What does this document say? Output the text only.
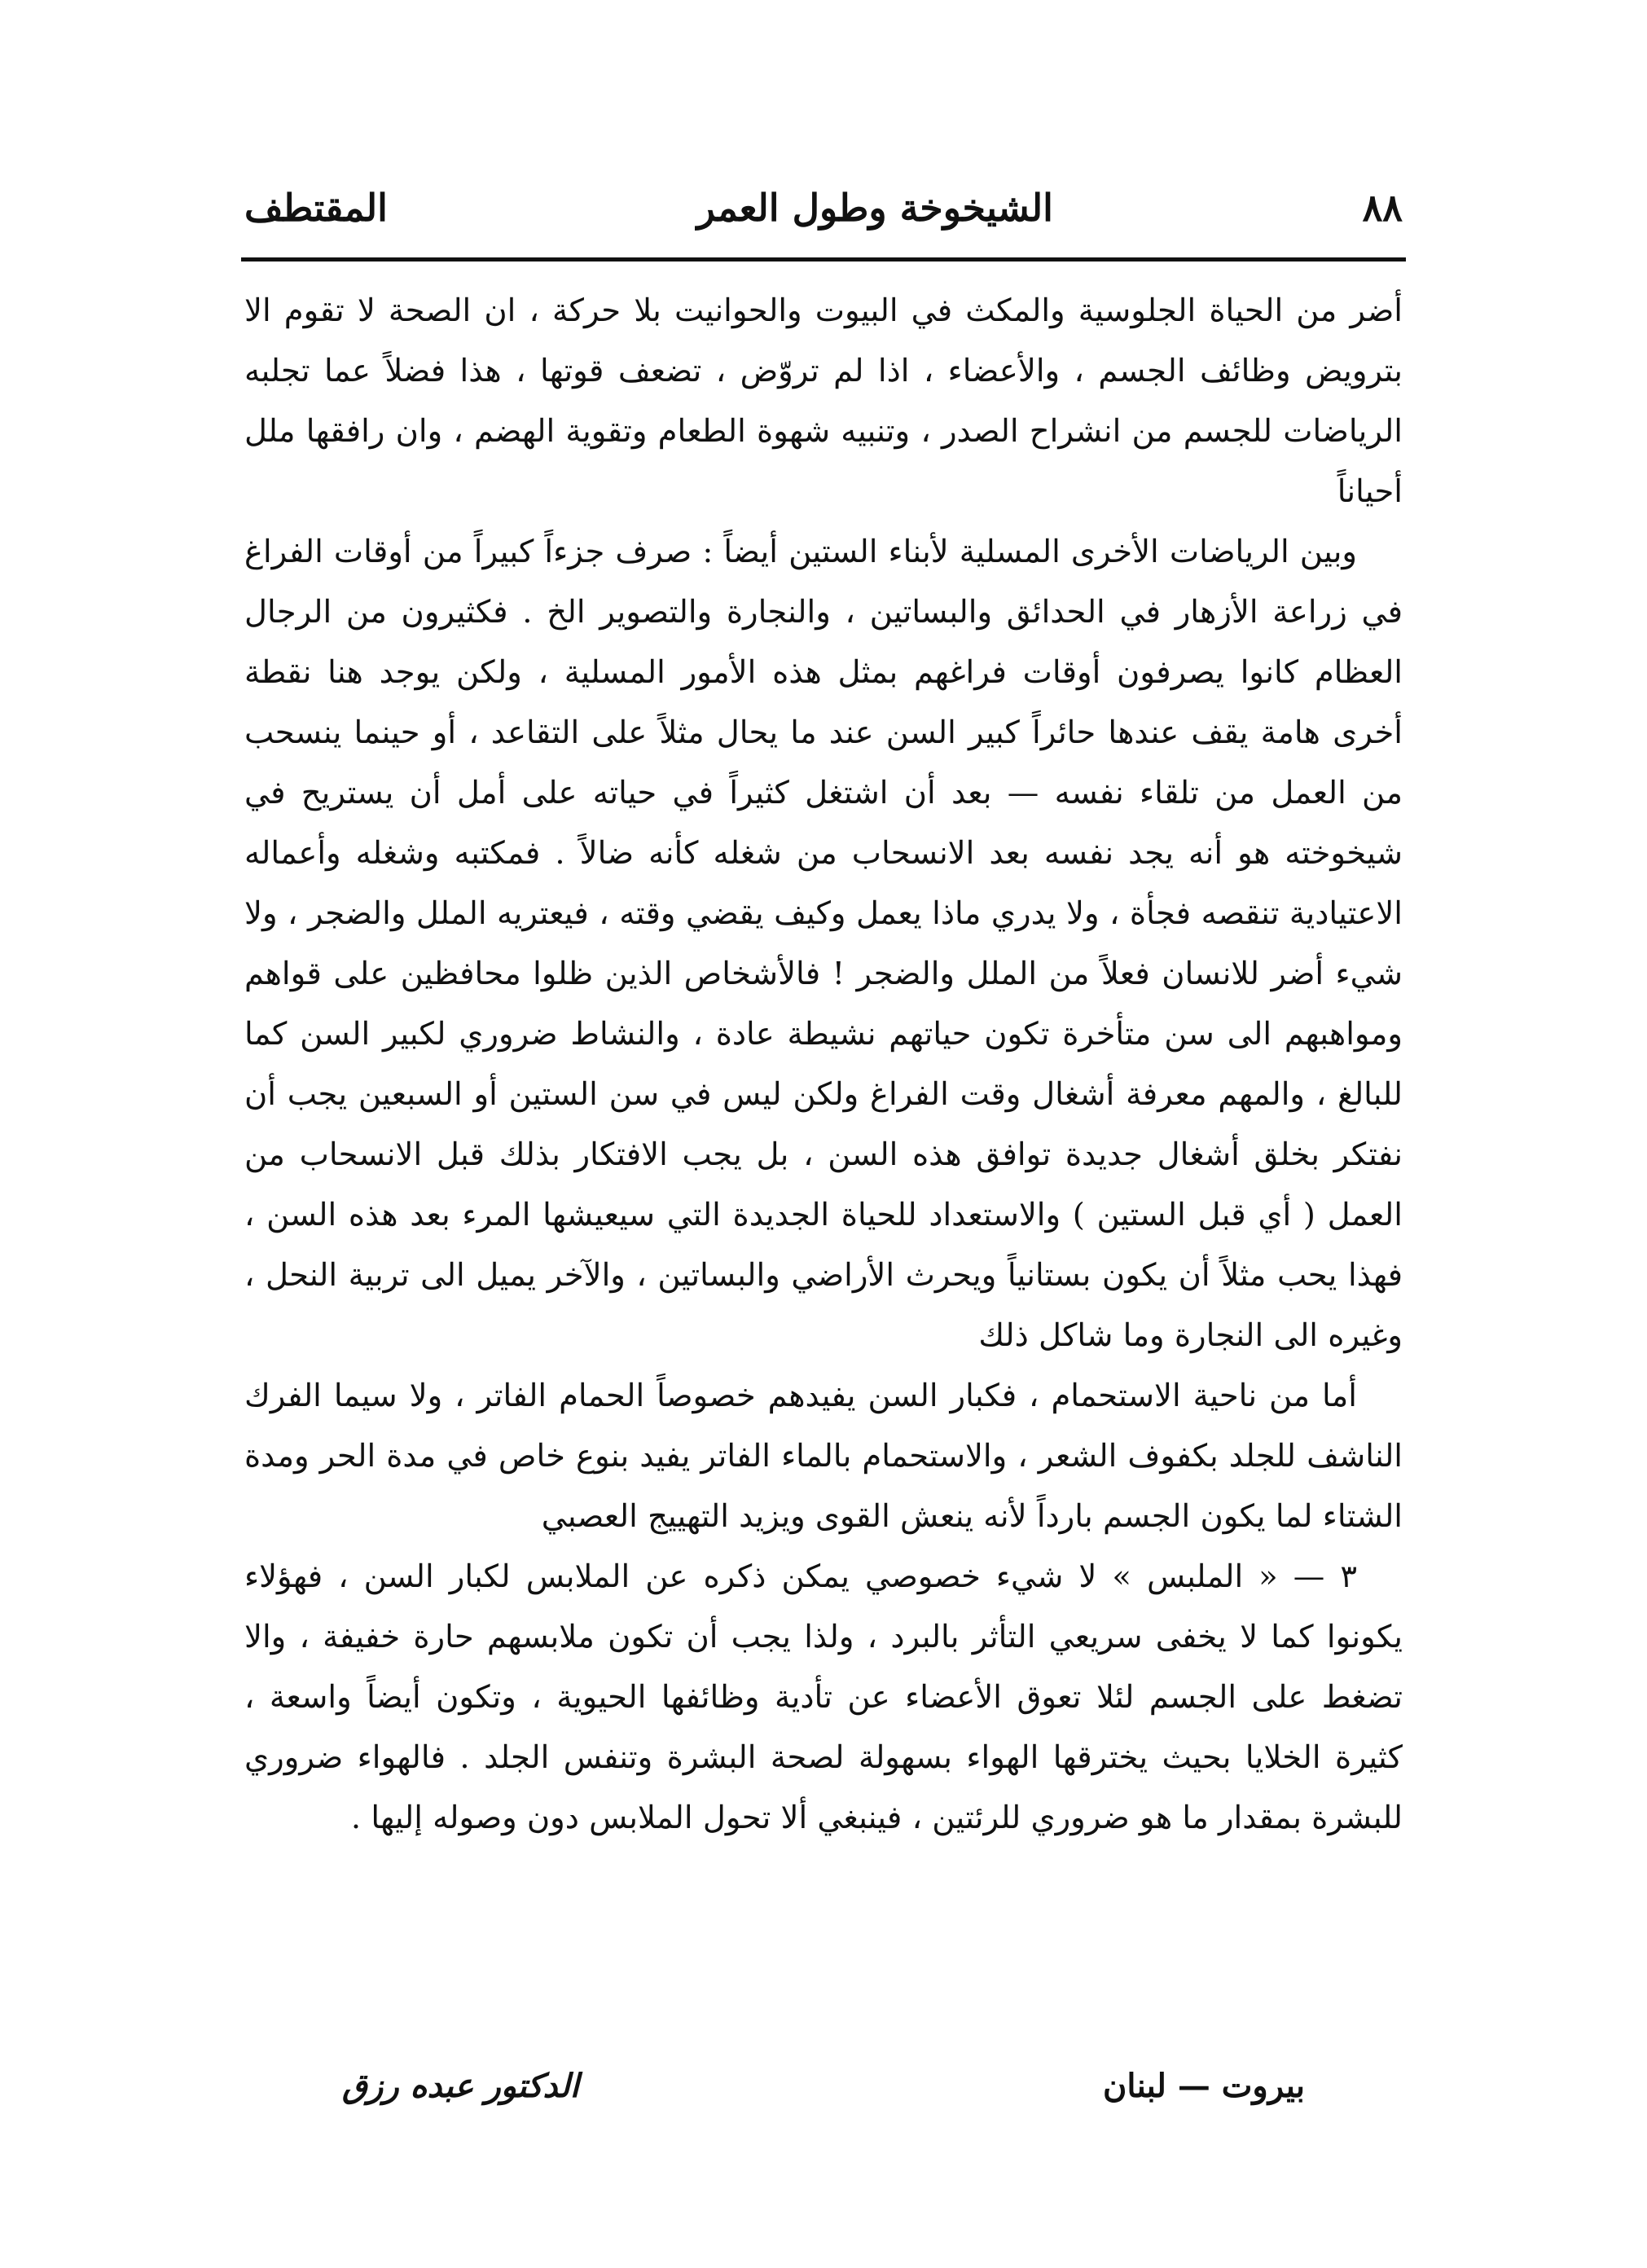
٨٨
الشيخوخة وطول العمر
المقتطف

أضر من الحياة الجلوسية والمكث في البيوت والحوانيت بلا حركة ، ان الصحة لا تقوم الا بترويض وظائف الجسم ، والأعضاء ، اذا لم تروّض ، تضعف قوتها ، هذا فضلاً عما تجلبه الرياضات للجسم من انشراح الصدر ، وتنبيه شهوة الطعام وتقوية الهضم ، وان رافقها ملل أحياناً

وبين الرياضات الأخرى المسلية لأبناء الستين أيضاً : صرف جزءاً كبيراً من أوقات الفراغ في زراعة الأزهار في الحدائق والبساتين ، والنجارة والتصوير الخ . فكثيرون من الرجال العظام كانوا يصرفون أوقات فراغهم بمثل هذه الأمور المسلية ، ولكن يوجد هنا نقطة أخرى هامة يقف عندها حائراً كبير السن عند ما يحال مثلاً على التقاعد ، أو حينما ينسحب من العمل من تلقاء نفسه — بعد أن اشتغل كثيراً في حياته على أمل أن يستريح في شيخوخته هو أنه يجد نفسه بعد الانسحاب من شغله كأنه ضالاً . فمكتبه وشغله وأعماله الاعتيادية تنقصه فجأة ، ولا يدري ماذا يعمل وكيف يقضي وقته ، فيعتريه الملل والضجر ، ولا شيء أضر للانسان فعلاً من الملل والضجر ! فالأشخاص الذين ظلوا محافظين على قواهم ومواهبهم الى سن متأخرة تكون حياتهم نشيطة عادة ، والنشاط ضروري لكبير السن كما للبالغ ، والمهم معرفة أشغال وقت الفراغ ولكن ليس في سن الستين أو السبعين يجب أن نفتكر بخلق أشغال جديدة توافق هذه السن ، بل يجب الافتكار بذلك قبل الانسحاب من العمل ( أي قبل الستين ) والاستعداد للحياة الجديدة التي سيعيشها المرء بعد هذه السن ، فهذا يحب مثلاً أن يكون بستانياً ويحرث الأراضي والبساتين ، والآخر يميل الى تربية النحل ، وغيره الى النجارة وما شاكل ذلك

أما من ناحية الاستحمام ، فكبار السن يفيدهم خصوصاً الحمام الفاتر ، ولا سيما الفرك الناشف للجلد بكفوف الشعر ، والاستحمام بالماء الفاتر يفيد بنوع خاص في مدة الحر ومدة الشتاء لما يكون الجسم بارداً لأنه ينعش القوى ويزيد التهييج العصبي

٣ — « الملبس » لا شيء خصوصي يمكن ذكره عن الملابس لكبار السن ، فهؤلاء يكونوا كما لا يخفى سريعي التأثر بالبرد ، ولذا يجب أن تكون ملابسهم حارة خفيفة ، والا تضغط على الجسم لئلا تعوق الأعضاء عن تأدية وظائفها الحيوية ، وتكون أيضاً واسعة ، كثيرة الخلايا بحيث يخترقها الهواء بسهولة لصحة البشرة وتنفس الجلد . فالهواء ضروري للبشرة بمقدار ما هو ضروري للرئتين ، فينبغي ألا تحول الملابس دون وصوله إليها .

بيروت — لبنان
الدكتور عبده رزق
